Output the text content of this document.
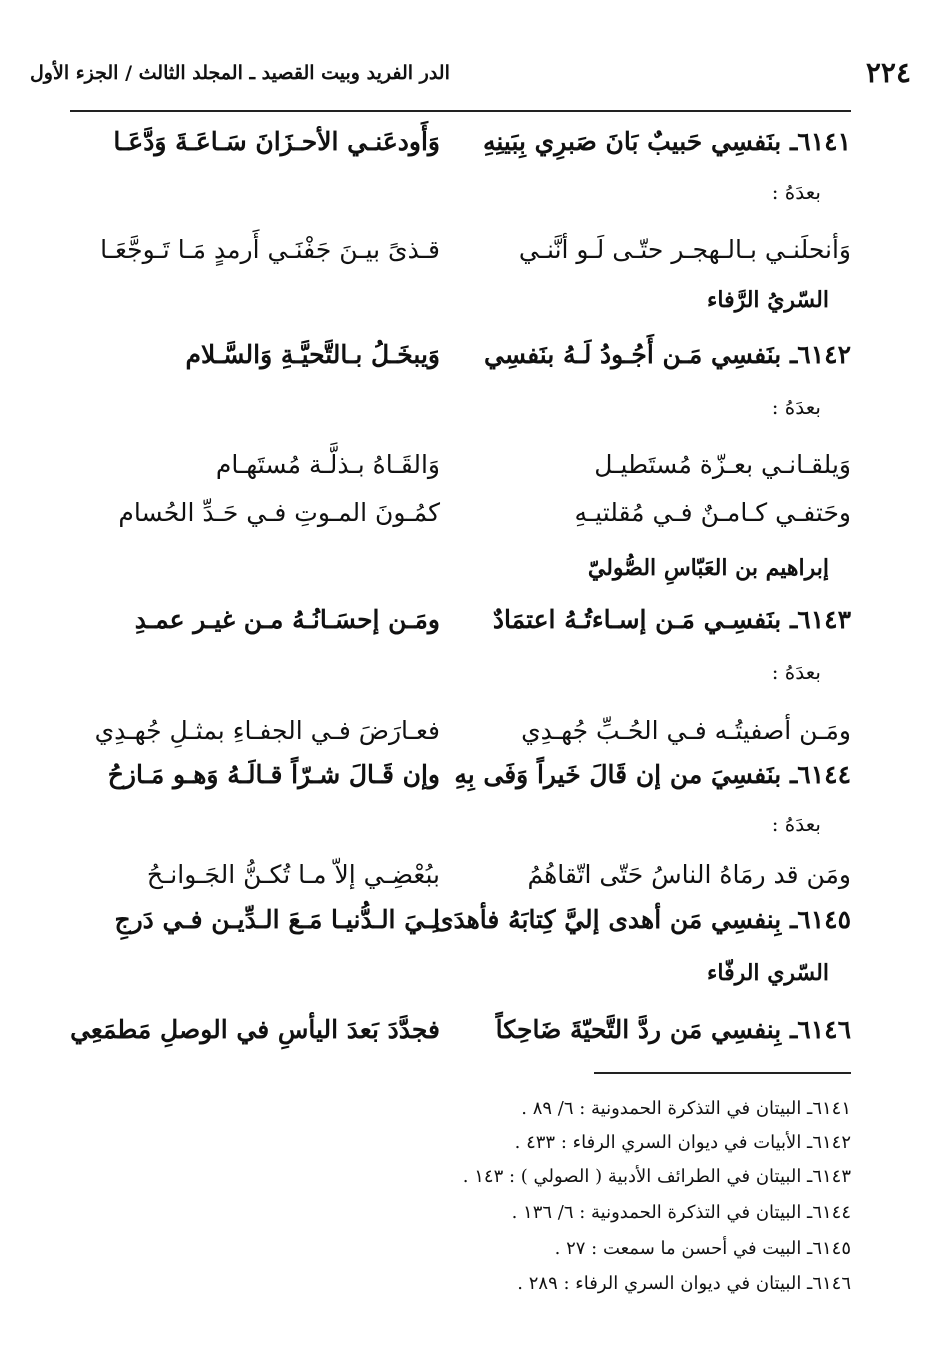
الدر الفريد وبيت القصيد ـ المجلد الثالث / الجزء الأول	٢٢٤
٦١٤١ـ بنَفسِي حَبيبٌ بَانَ صَبرِي بِبَينِهِ
وَأَودعَنـي الأحـزَانَ سَـاعَـةَ وَدَّعَـا
بعدَهُ :
وَأنحلَنـي بـالـهجـر حتّـى لَـو أنَّنـي
قـذىً بيـنَ جَفْنَـي أَرمدٍ مَـا تَـوجَّعَـا
السّريُ الرَّفاء
٦١٤٢ـ بنَفسِي مَـن أَجُـودُ لَـهُ بنَفسِي
وَيبخَـلُ بـالتَّحيَّـةِ وَالسَّـلام
بعدَهُ :
وَيلقـانـي بعـزّة مُستَطيـل
وَالقَـاهُ بـذلَّـة مُستَهـام
وحَتفـي كـامـنٌ فـي مُقلتيـهِ
كمُـونَ المـوتِ فـي حَـدِّ الحُسام
إبراهيم بن العَبّاسِ الصُّوليّ
٦١٤٣ـ بنَفسِـي مَـن إسـاءتُـهُ اعتمَادٌ
ومَـن إحسَـانُـهُ مـن غيـر عمـدِ
بعدَهُ :
ومَـن أصفيتُـه فـي الحُـبِّ جُهـدِي
فعـارَضَ فـي الجفـاءِ بمثـلِ جُهـدِي
٦١٤٤ـ بنَفسِيَ من إن قَالَ خَيراً وَفَى بِهِ
وإن قَـالَ شـرّاً قـالَـهُ وَهـو مَـازحُ
بعدَهُ :
ومَن قد رمَاهُ الناسُ حَتّى اتّقاهُمُ
ببُعْضِـي إلاّ مـا تُكـنُّ الجَـوانـحُ
٦١٤٥ـ بِنفسِي مَن أهدى إليَّ كِتابَهُ فأهدَى
لِـيَ الـدُّنيـا مَـعَ الـدِّيـن فـي دَرجِ
السّري الرفّاء
٦١٤٦ـ بِنفسِي مَن ردَّ التَّحيّةَ ضَاحِكاً
فجدَّدَ بَعدَ اليأسِ في الوصلِ مَطمَعِي
٦١٤١ـ البيتان في التذكرة الحمدونية : ٦/ ٨٩ .
٦١٤٢ـ الأبيات في ديوان السري الرفاء : ٤٣٣ .
٦١٤٣ـ البيتان في الطرائف الأدبية ( الصولي ) : ١٤٣ .
٦١٤٤ـ البيتان في التذكرة الحمدونية : ٦/ ١٣٦ .
٦١٤٥ـ البيت في أحسن ما سمعت : ٢٧ .
٦١٤٦ـ البيتان في ديوان السري الرفاء : ٢٨٩ .
